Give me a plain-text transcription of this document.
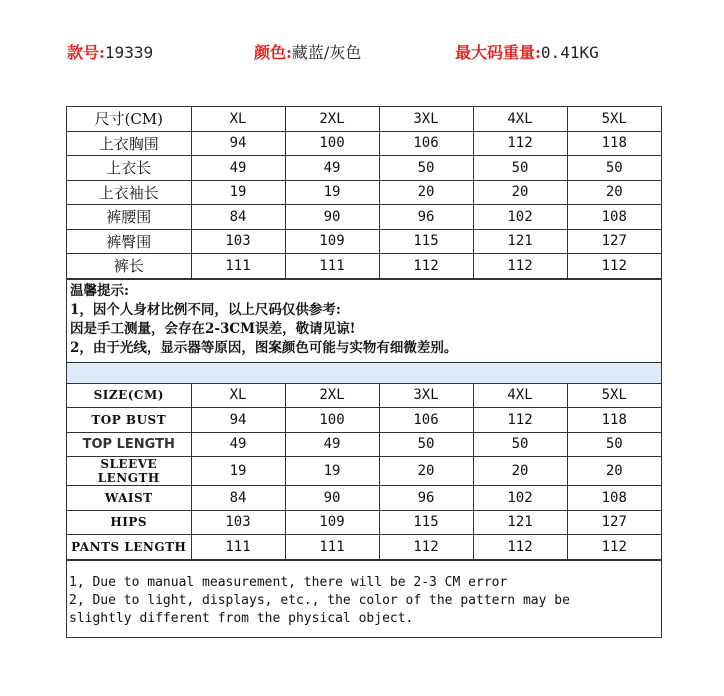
款号:19339	颜色:藏蓝/灰色	最大码重量:0.41KG
尺寸(CM)	XL	2XL	3XL	4XL	5XL
上衣胸围	94	100	106	112	118
上衣长	49	49	50	50	50
上衣袖长	19	19	20	20	20
裤腰围	84	90	96	102	108
裤臀围	103	109	115	121	127
裤长	111	111	112	112	112
温馨提示:
1，因个人身材比例不同，以上尺码仅供参考:
因是手工测量，会存在2-3CM误差，敬请见谅!
2，由于光线，显示器等原因，图案颜色可能与实物有细微差别。
SIZE(CM)	XL	2XL	3XL	4XL	5XL
TOP BUST	94	100	106	112	118
TOP LENGTH	49	49	50	50	50
SLEEVE LENGTH	19	19	20	20	20
WAIST	84	90	96	102	108
HIPS	103	109	115	121	127
PANTS LENGTH	111	111	112	112	112
1, Due to manual measurement, there will be 2-3 CM error
2, Due to light, displays, etc., the color of the pattern may be
slightly different from the physical object.
